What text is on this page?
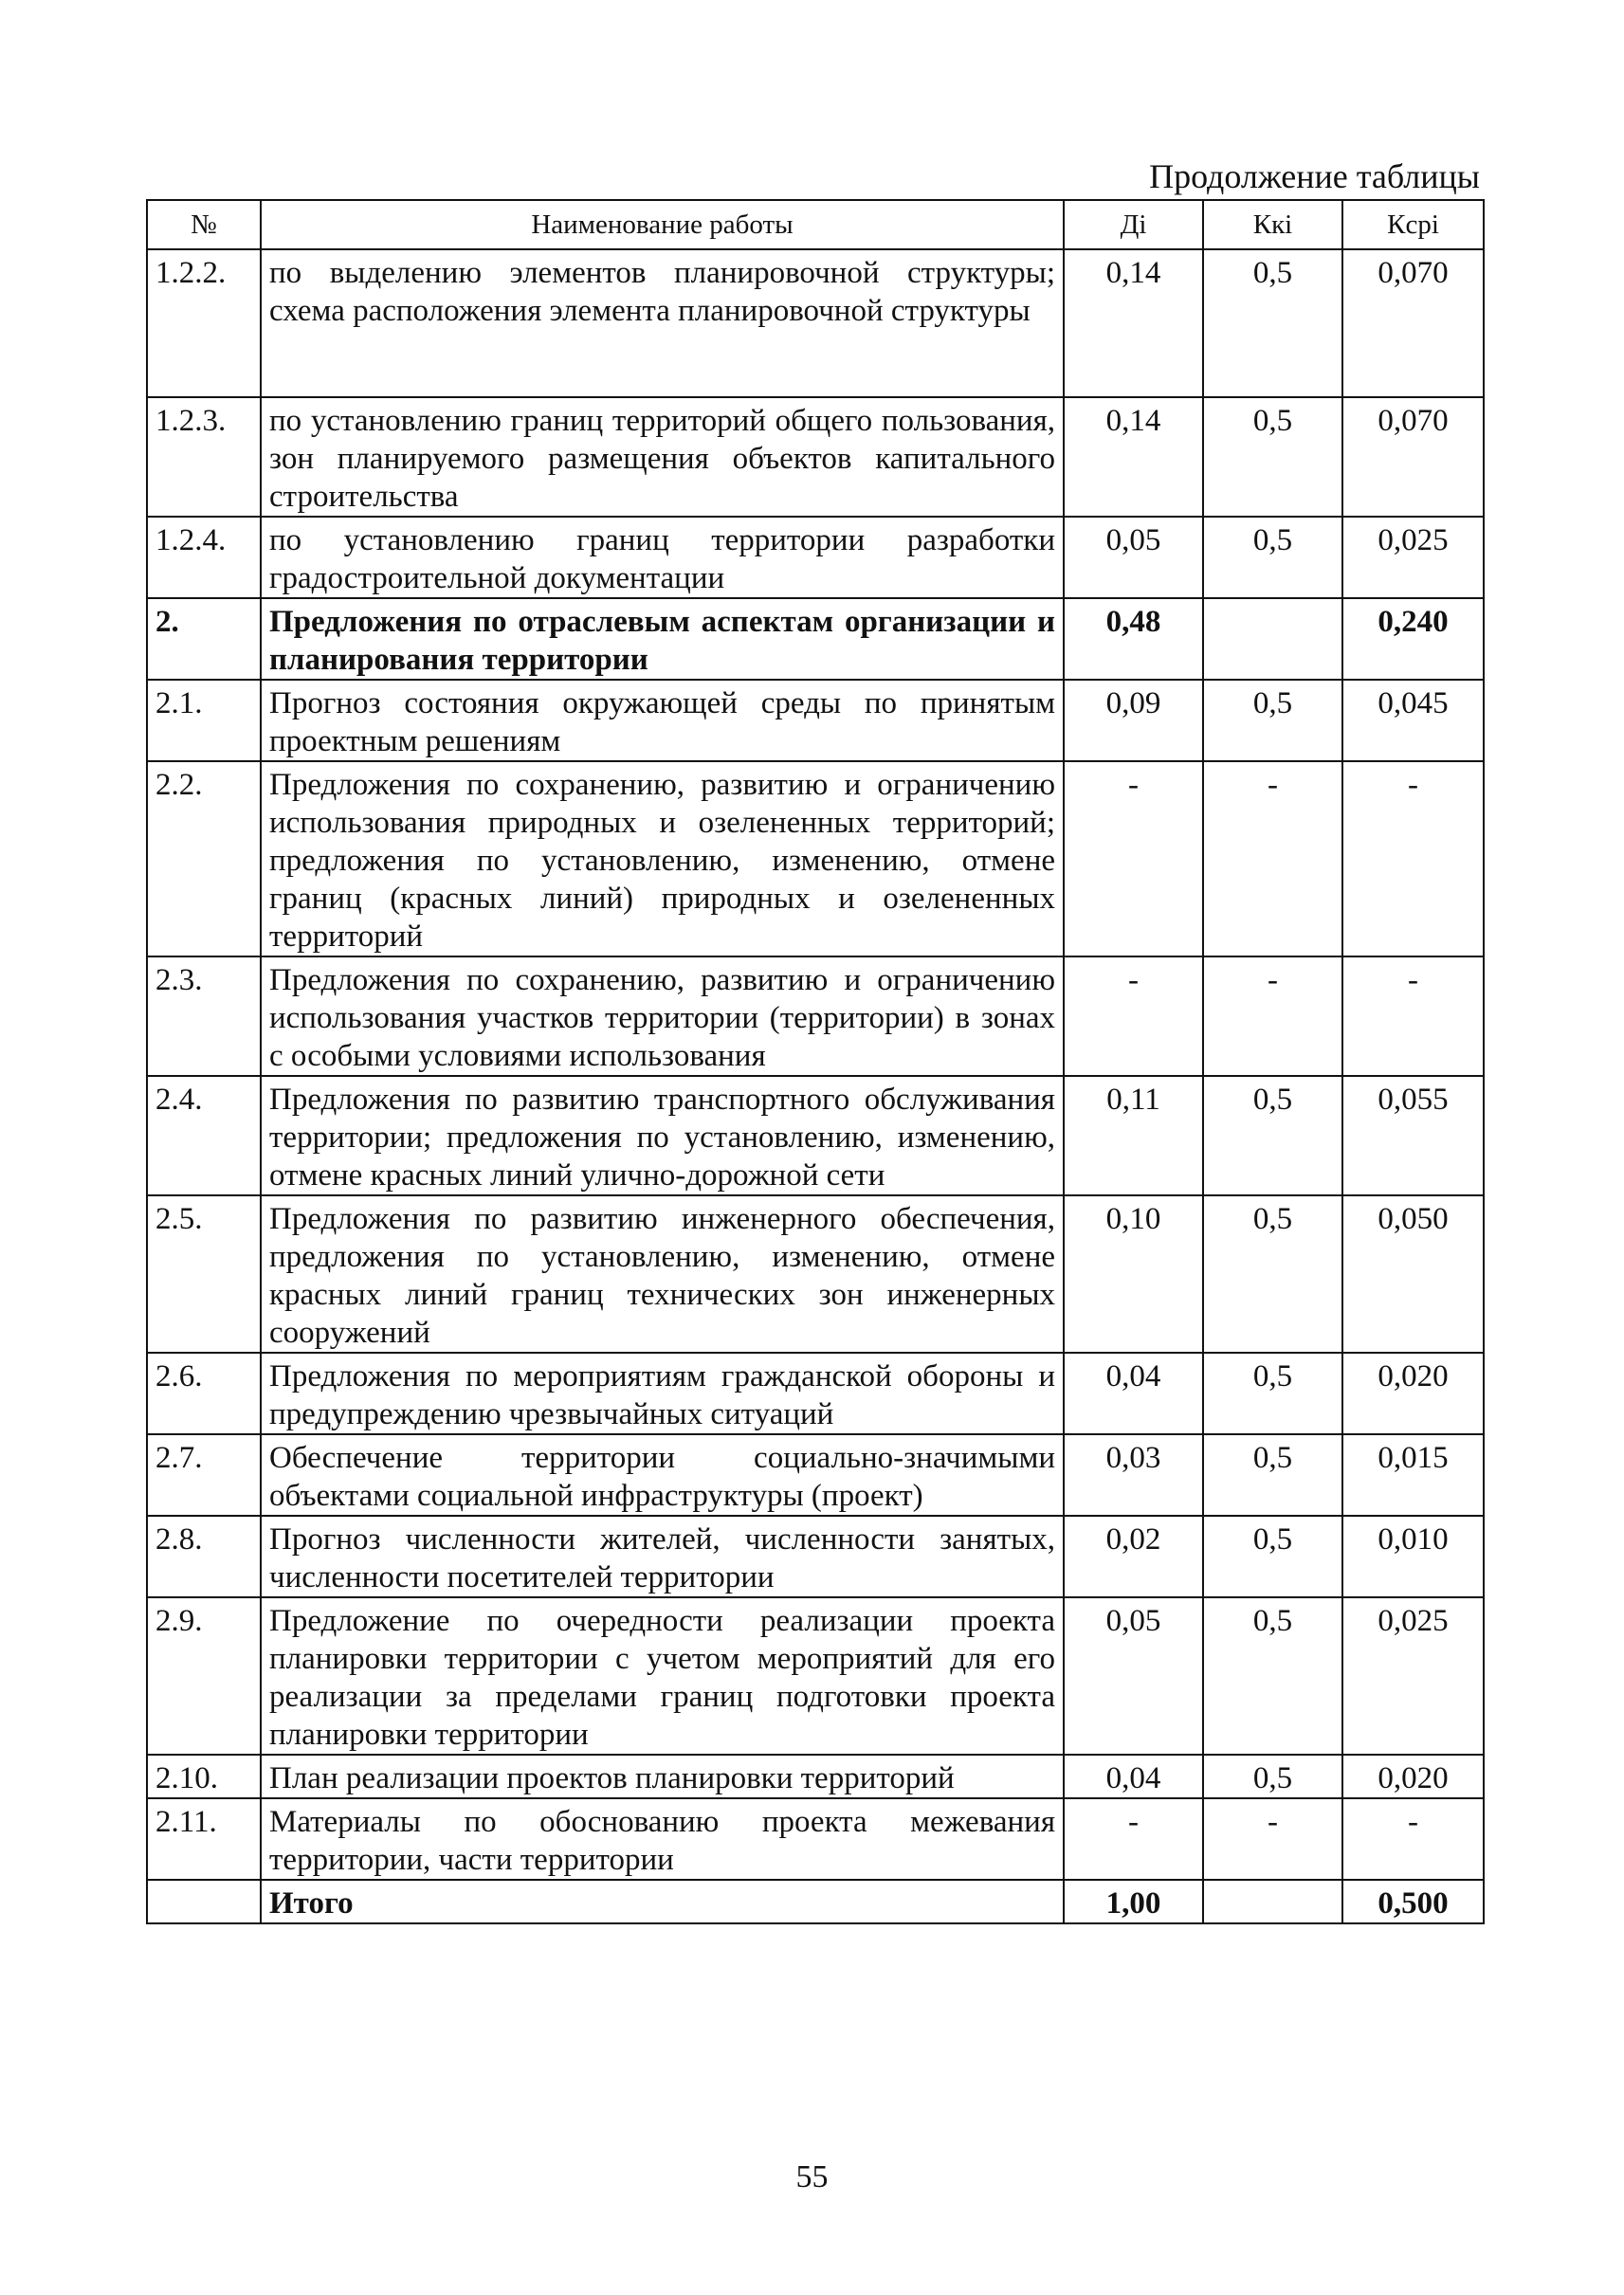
Продолжение таблицы
№	Наименование работы	Дi	Ккi	Кcpi
1.2.2.	по выделению элементов планировочной структуры; схема расположения элемента планировочной структуры	0,14	0,5	0,070
1.2.3.	по установлению границ территорий общего пользования, зон планируемого размещения объектов капитального строительства	0,14	0,5	0,070
1.2.4.	по установлению границ территории разработки градостроительной документации	0,05	0,5	0,025
2.	Предложения по отраслевым аспектам организации и планирования территории	0,48		0,240
2.1.	Прогноз состояния окружающей среды по принятым проектным решениям	0,09	0,5	0,045
2.2.	Предложения по сохранению, развитию и ограничению использования природных и озелененных территорий; предложения по установлению, изменению, отмене границ (красных линий) природных и озелененных территорий	-	-	-
2.3.	Предложения по сохранению, развитию и ограничению использования участков территории (территории) в зонах с особыми условиями использования	-	-	-
2.4.	Предложения по развитию транспортного обслуживания территории; предложения по установлению, изменению, отмене красных линий улично-дорожной сети	0,11	0,5	0,055
2.5.	Предложения по развитию инженерного обеспечения, предложения по установлению, изменению, отмене красных линий границ технических зон инженерных сооружений	0,10	0,5	0,050
2.6.	Предложения по мероприятиям гражданской обороны и предупреждению чрезвычайных ситуаций	0,04	0,5	0,020
2.7.	Обеспечение территории социально-значимыми объектами социальной инфраструктуры (проект)	0,03	0,5	0,015
2.8.	Прогноз численности жителей, численности занятых, численности посетителей территории	0,02	0,5	0,010
2.9.	Предложение по очередности реализации проекта планировки территории с учетом мероприятий для его реализации за пределами границ подготовки проекта планировки территории	0,05	0,5	0,025
2.10.	План реализации проектов планировки территорий	0,04	0,5	0,020
2.11.	Материалы по обоснованию проекта межевания территории, части территории	-	-	-
	Итого	1,00		0,500
55
